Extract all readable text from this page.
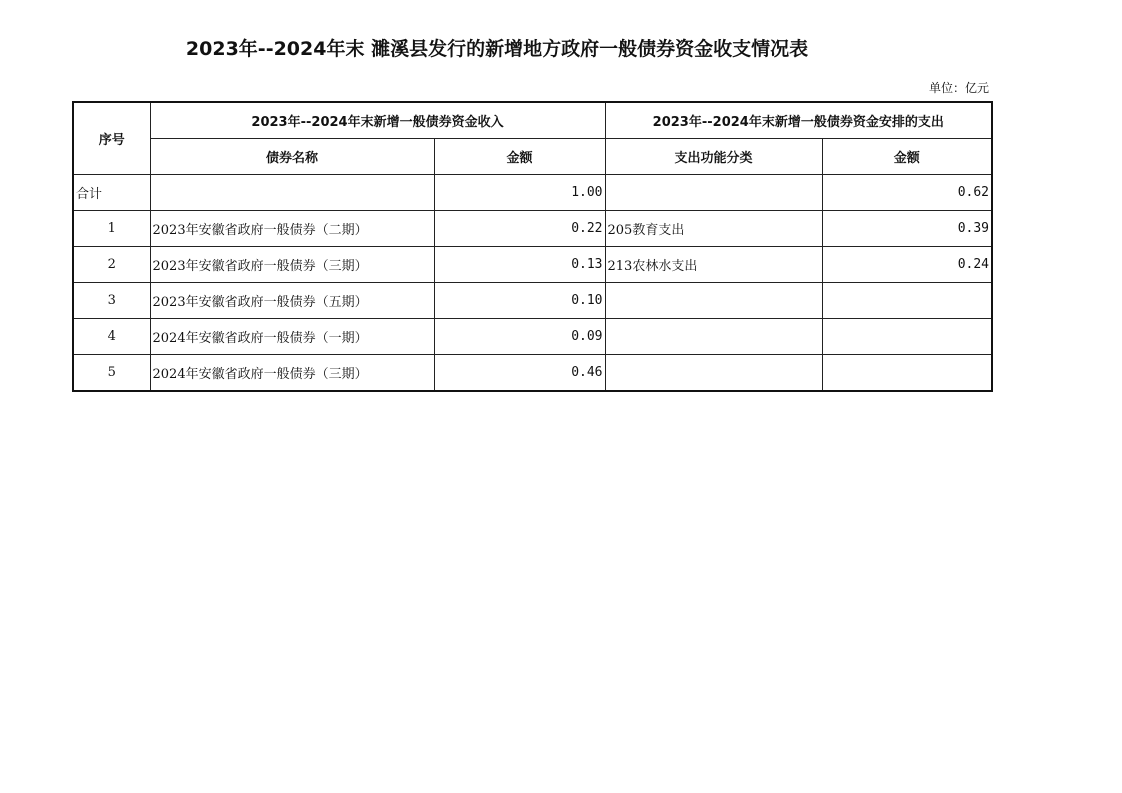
2023年--2024年末 濉溪县发行的新增地方政府一般债券资金收支情况表
单位：亿元
序号	2023年--2024年末新增一般债券资金收入		2023年--2024年末新增一般债券资金安排的支出	
	债券名称	金额	支出功能分类	金额
合计		1.00		0.62
1	2023年安徽省政府一般债券（二期）	0.22	205教育支出	0.39
2	2023年安徽省政府一般债券（三期）	0.13	213农林水支出	0.24
3	2023年安徽省政府一般债券（五期）	0.10		
4	2024年安徽省政府一般债券（一期）	0.09		
5	2024年安徽省政府一般债券（三期）	0.46		
